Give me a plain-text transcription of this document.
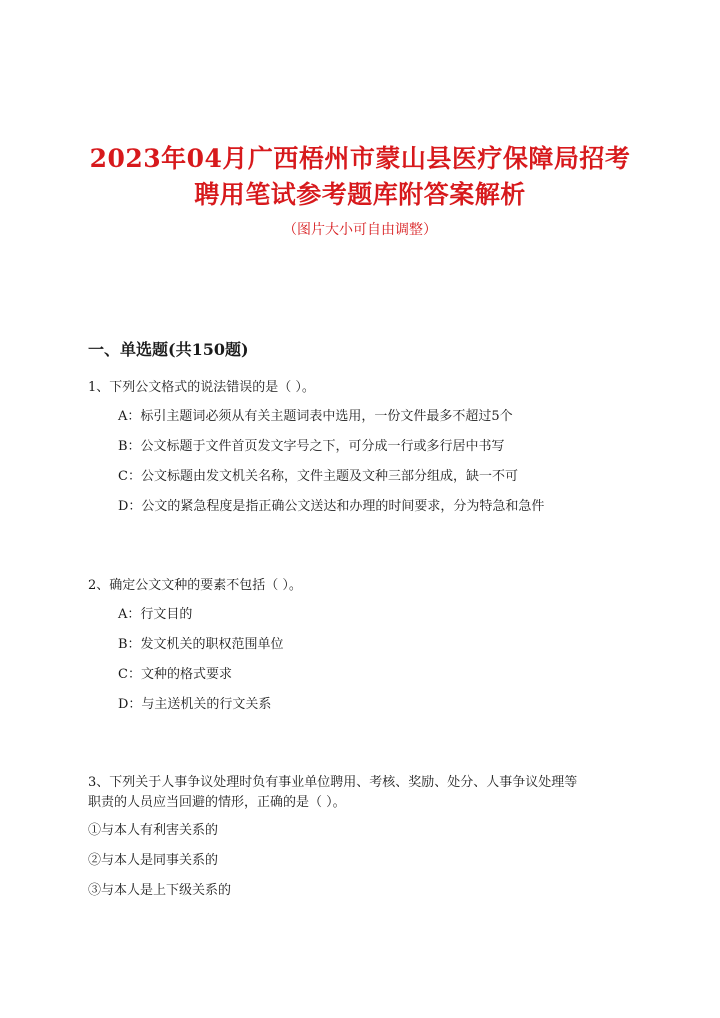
2023年04月广西梧州市蒙山县医疗保障局招考
聘用笔试参考题库附答案解析
（图片大小可自由调整）
一、单选题(共150题)
1、下列公文格式的说法错误的是（ ）。
A：标引主题词必须从有关主题词表中选用，一份文件最多不超过5个
B：公文标题于文件首页发文字号之下，可分成一行或多行居中书写
C：公文标题由发文机关名称，文件主题及文种三部分组成，缺一不可
D：公文的紧急程度是指正确公文送达和办理的时间要求，分为特急和急件
2、确定公文文种的要素不包括（ ）。
A：行文目的
B：发文机关的职权范围单位
C：文种的格式要求
D：与主送机关的行文关系
3、下列关于人事争议处理时负有事业单位聘用、考核、奖励、处分、人事争议处理等
职责的人员应当回避的情形，正确的是（ ）。
①与本人有利害关系的
②与本人是同事关系的
③与本人是上下级关系的
